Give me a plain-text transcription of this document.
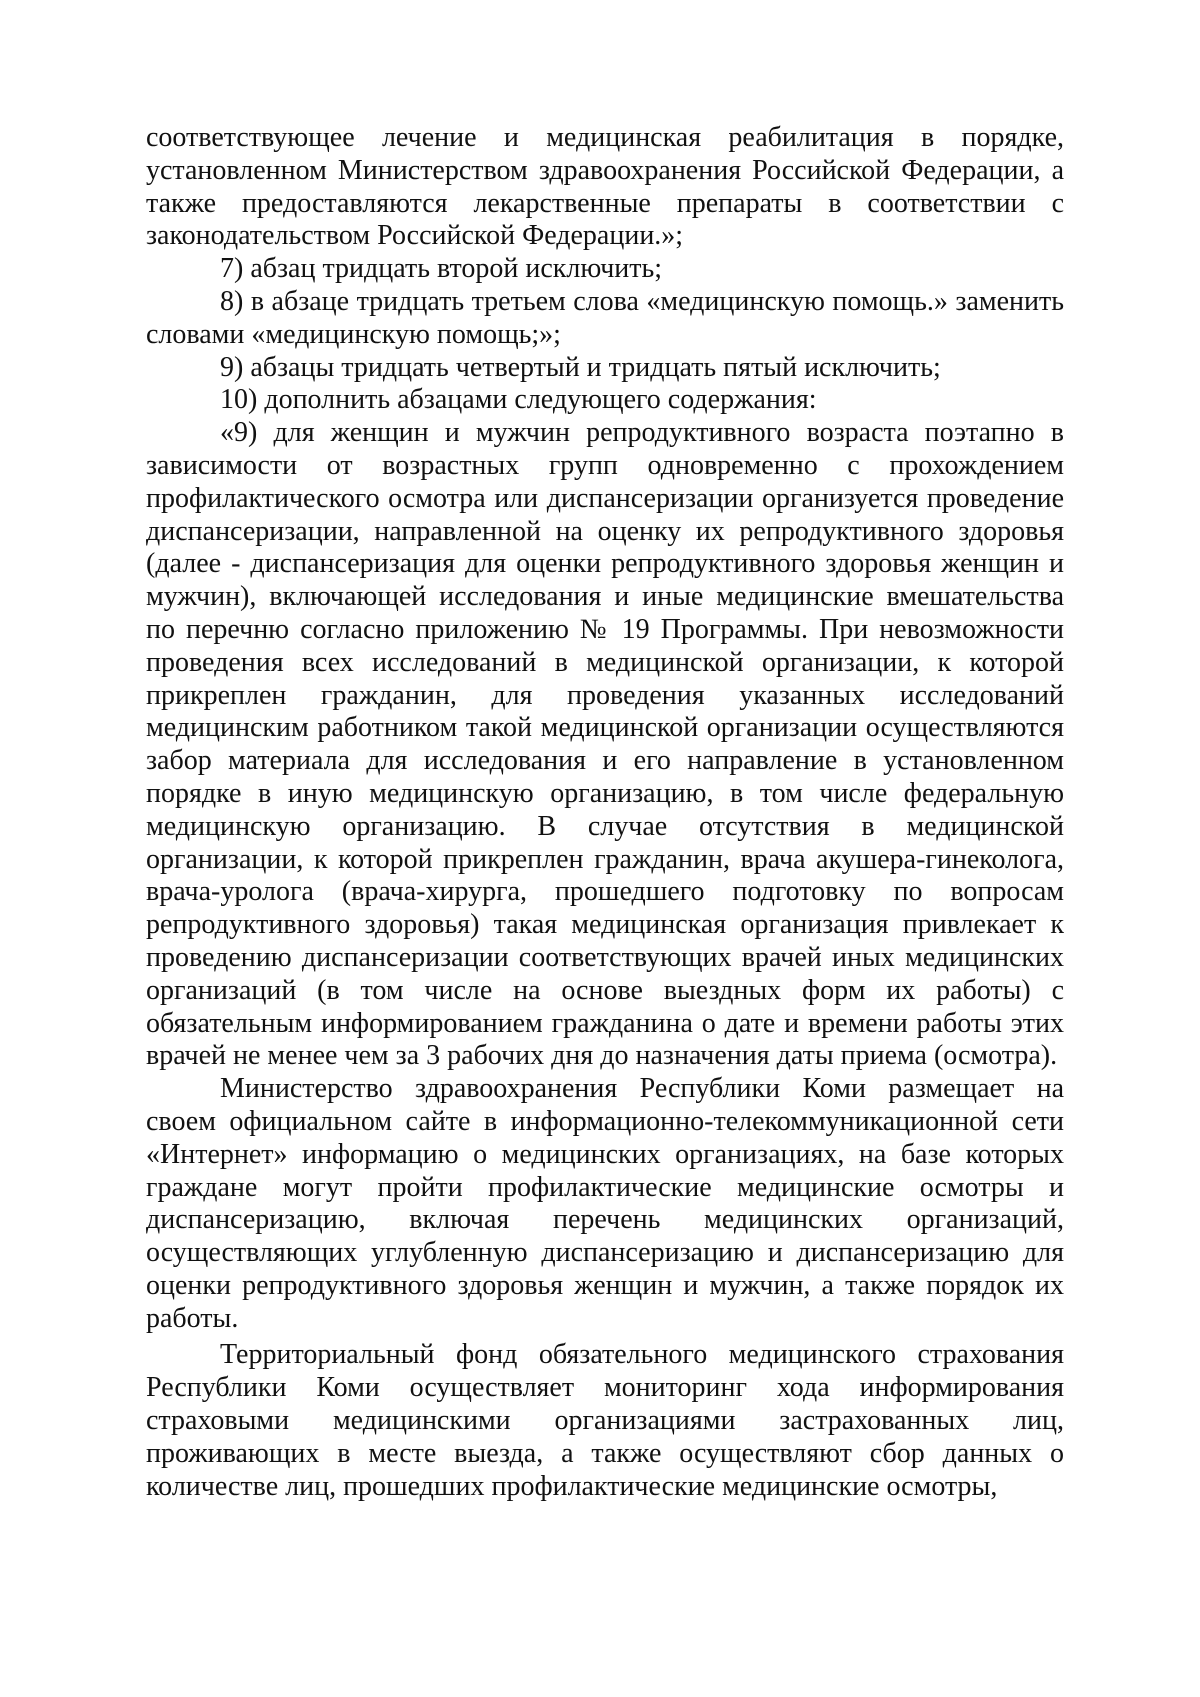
соответствующее лечение и медицинская реабилитация в порядке, установленном Министерством здравоохранения Российской Федерации, а также предоставляются лекарственные препараты в соответствии с законодательством Российской Федерации.»;

7) абзац тридцать второй исключить;

8) в абзаце тридцать третьем слова «медицинскую помощь.» заменить словами «медицинскую помощь;»;

9) абзацы тридцать четвертый и тридцать пятый исключить;

10) дополнить абзацами следующего содержания:

«9) для женщин и мужчин репродуктивного возраста поэтапно в зависимости от возрастных групп одновременно с прохождением профилактического осмотра или диспансеризации организуется проведение диспансеризации, направленной на оценку их репродуктивного здоровья (далее - диспансеризация для оценки репродуктивного здоровья женщин и мужчин), включающей исследования и иные медицинские вмешательства по перечню согласно приложению № 19 Программы. При невозможности проведения всех исследований в медицинской организации, к которой прикреплен гражданин, для проведения указанных исследований медицинским работником такой медицинской организации осуществляются забор материала для исследования и его направление в установленном порядке в иную медицинскую организацию, в том числе федеральную медицинскую организацию. В случае отсутствия в медицинской организации, к которой прикреплен гражданин, врача акушера-гинеколога, врача-уролога (врача-хирурга, прошедшего подготовку по вопросам репродуктивного здоровья) такая медицинская организация привлекает к проведению диспансеризации соответствующих врачей иных медицинских организаций (в том числе на основе выездных форм их работы) с обязательным информированием гражданина о дате и времени работы этих врачей не менее чем за 3 рабочих дня до назначения даты приема (осмотра).

Министерство здравоохранения Республики Коми размещает на своем официальном сайте в информационно-телекоммуникационной сети «Интернет» информацию о медицинских организациях, на базе которых граждане могут пройти профилактические медицинские осмотры и диспансеризацию, включая перечень медицинских организаций, осуществляющих углубленную диспансеризацию и диспансеризацию для оценки репродуктивного здоровья женщин и мужчин, а также порядок их работы.

Территориальный фонд обязательного медицинского страхования Республики Коми осуществляет мониторинг хода информирования страховыми медицинскими организациями застрахованных лиц, проживающих в месте выезда, а также осуществляют сбор данных о количестве лиц, прошедших профилактические медицинские осмотры,
